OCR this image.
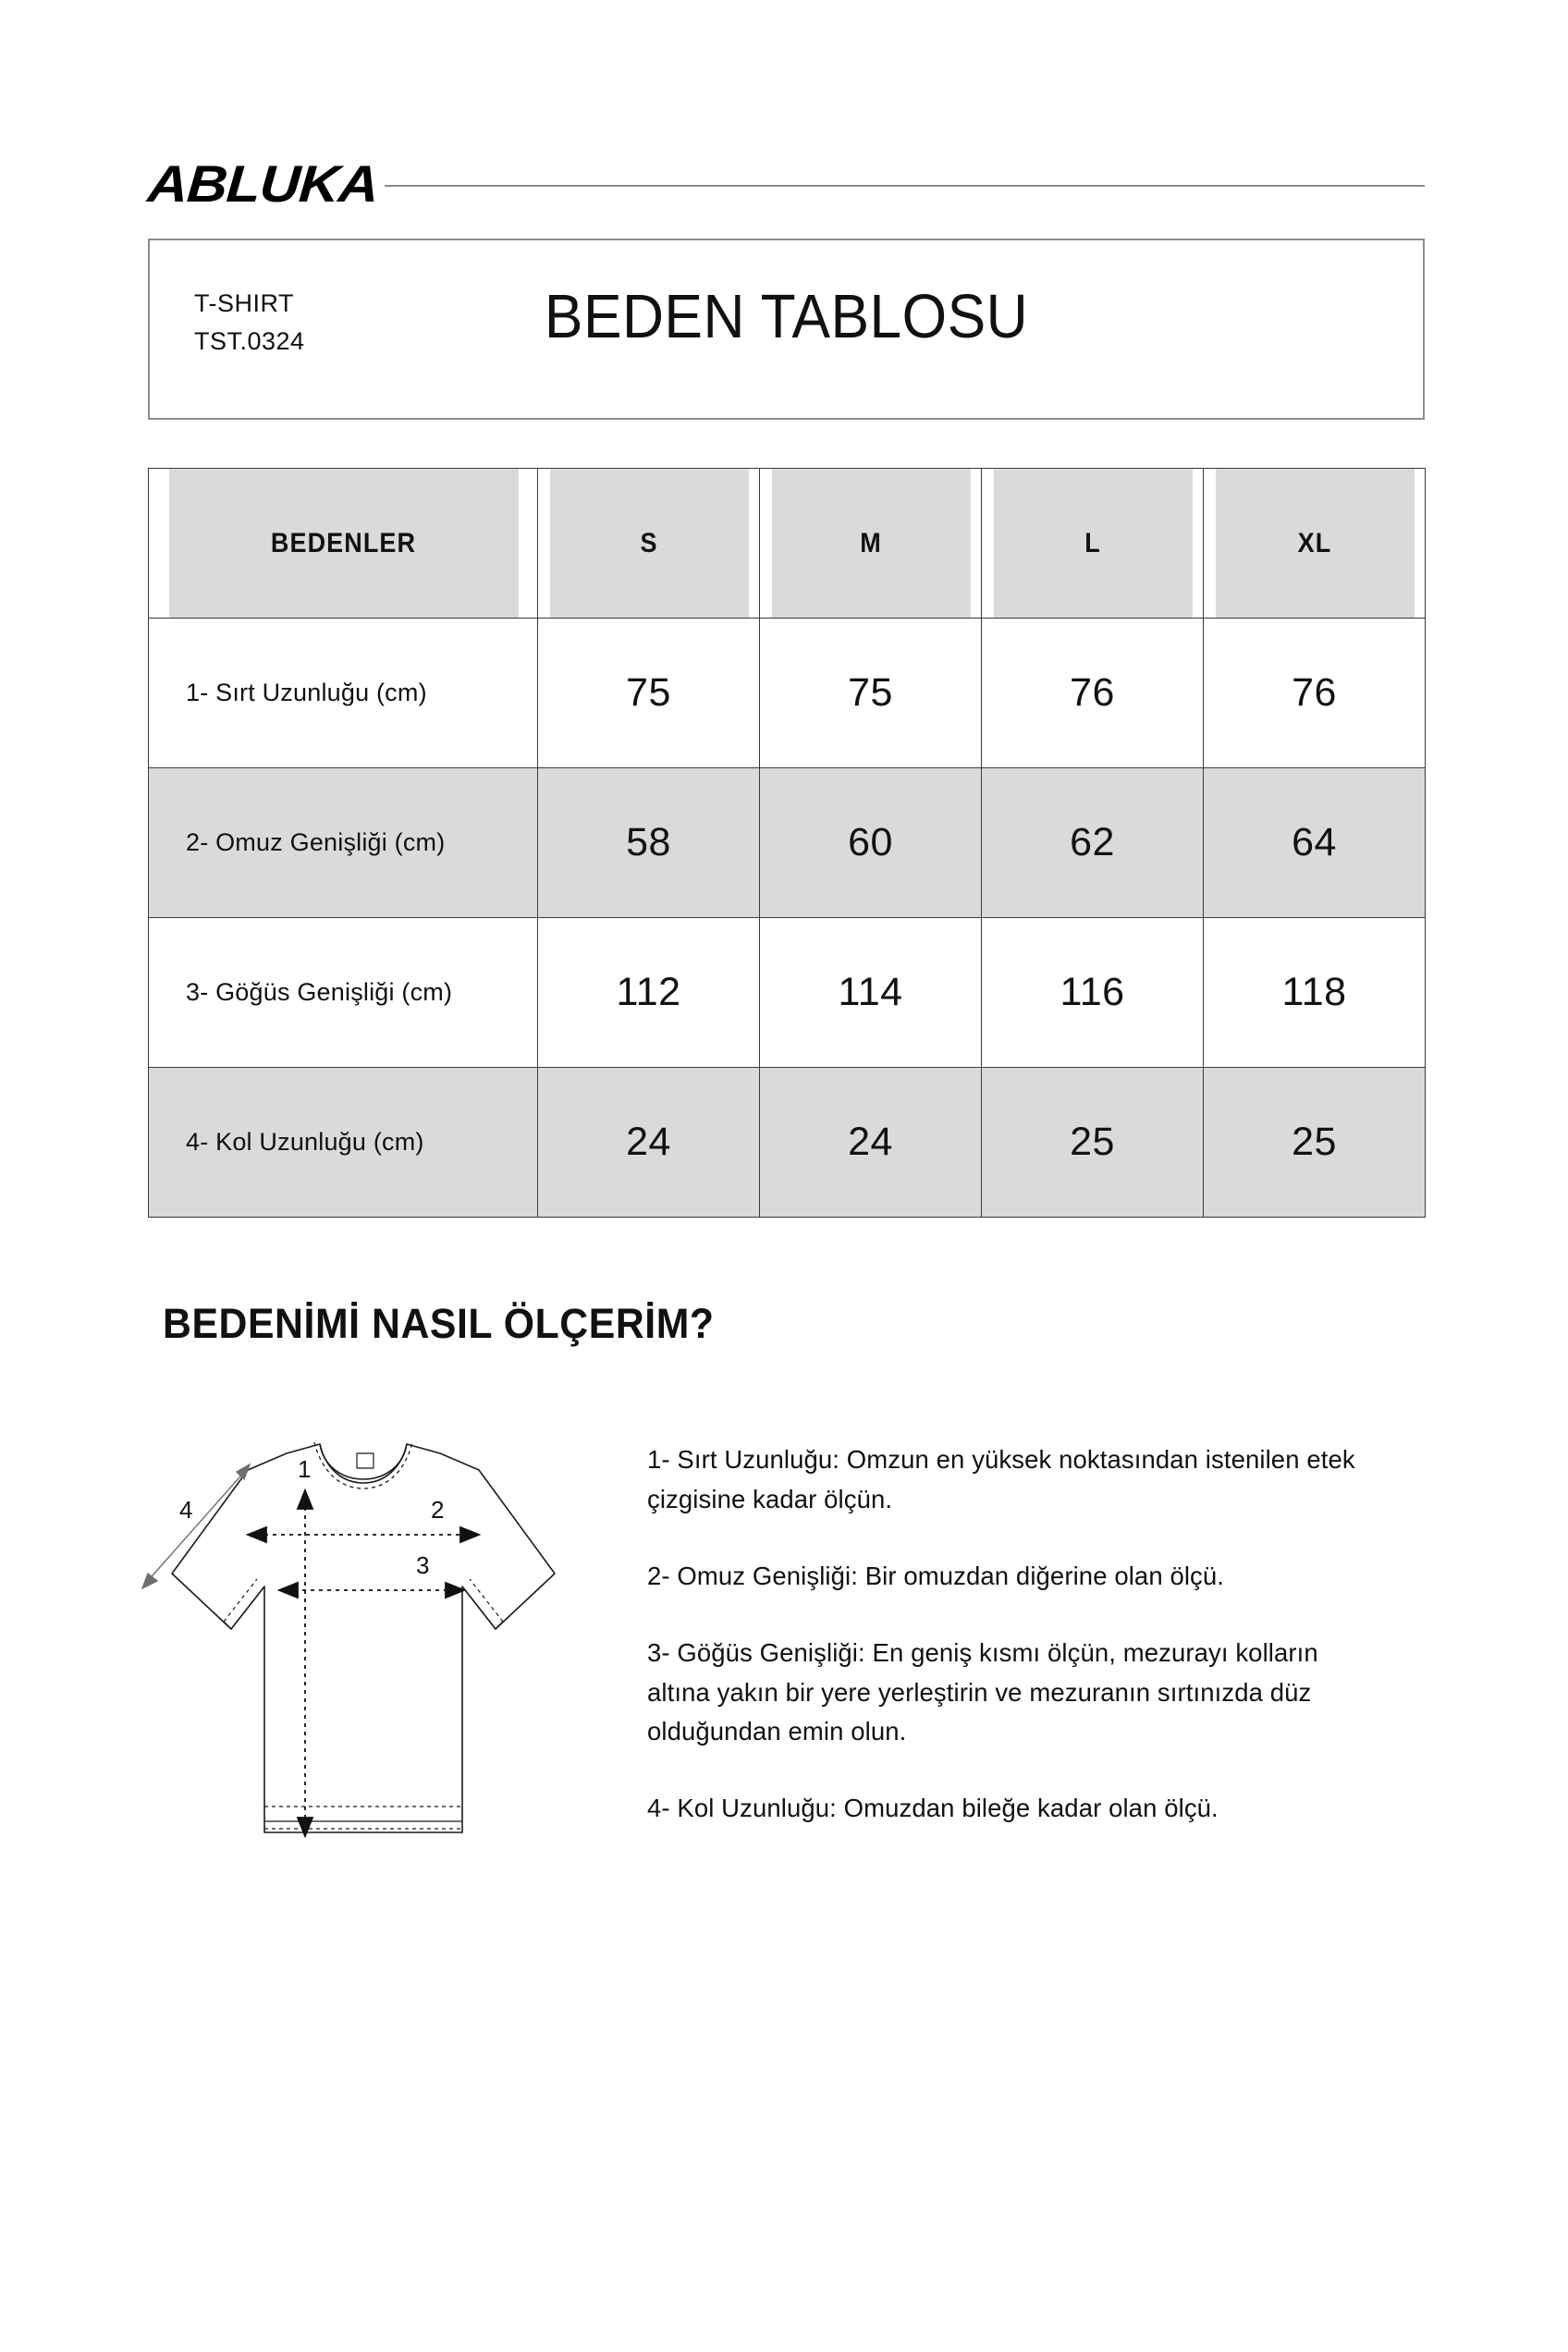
ABLUKA
T-SHIRT
TST.0324	BEDEN TABLOSU
BEDENLER	S	M	L	XL
1- Sırt Uzunluğu (cm)	75	75	76	76
2- Omuz Genişliği (cm)	58	60	62	64
3- Göğüs Genişliği (cm)	112	114	116	118
4- Kol Uzunluğu (cm)	24	24	25	25
BEDENİMİ NASIL ÖLÇERİM?
1
2
3
4

1- Sırt Uzunluğu: Omzun en yüksek noktasından istenilen etek çizgisine kadar ölçün.

2- Omuz Genişliği: Bir omuzdan diğerine olan ölçü.

3- Göğüs Genişliği: En geniş kısmı ölçün, mezurayı kolların altına yakın bir yere yerleştirin ve mezuranın sırtınızda düz olduğundan emin olun.

4- Kol Uzunluğu: Omuzdan bileğe kadar olan ölçü.
